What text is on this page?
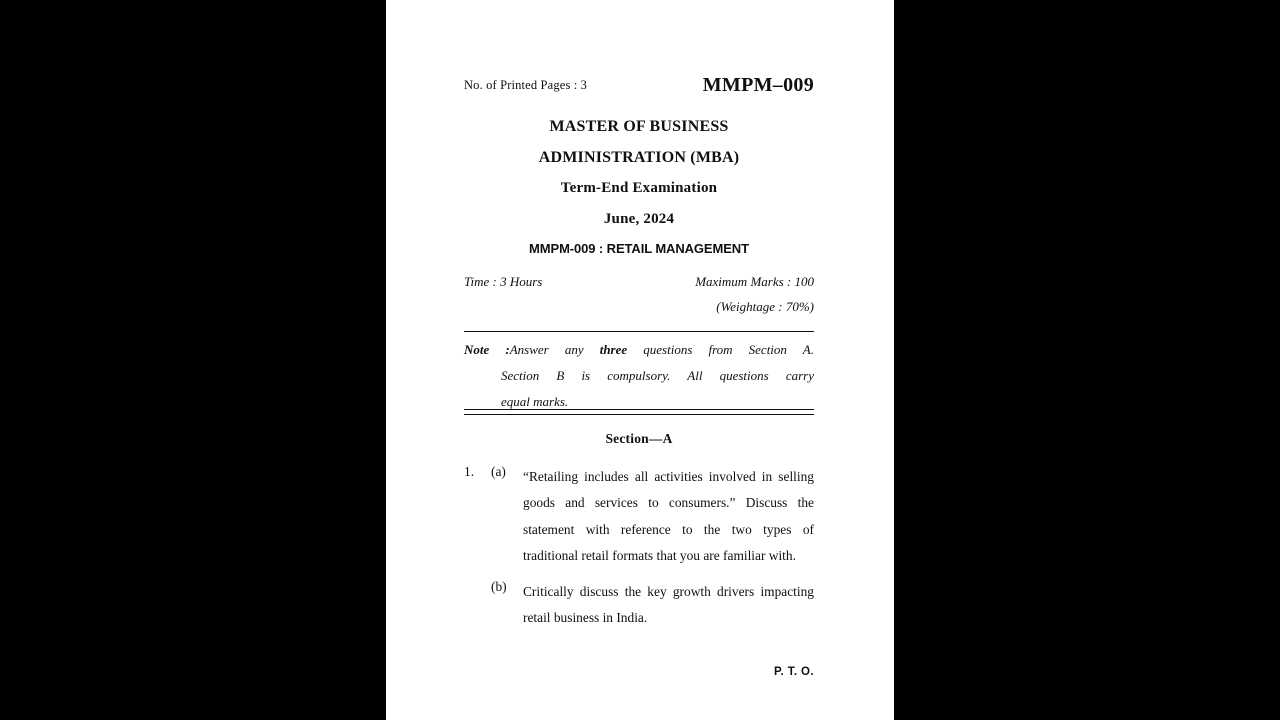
No. of Printed Pages : 3	MMPM–009
MASTER OF BUSINESS
ADMINISTRATION (MBA)
Term-End Examination
June, 2024
MMPM-009 : RETAIL MANAGEMENT
Time : 3 Hours	Maximum Marks : 100
(Weightage : 70%)
Note :Answer any three questions from Section A.
Section B is compulsory. All questions carry
equal marks.
Section—A
1.	(a)	“Retailing includes all activities involved in selling goods and services to consumers.” Discuss the statement with reference to the two types of traditional retail formats that you are familiar with.
(b)	Critically discuss the key growth drivers impacting retail business in India.
P. T. O.
